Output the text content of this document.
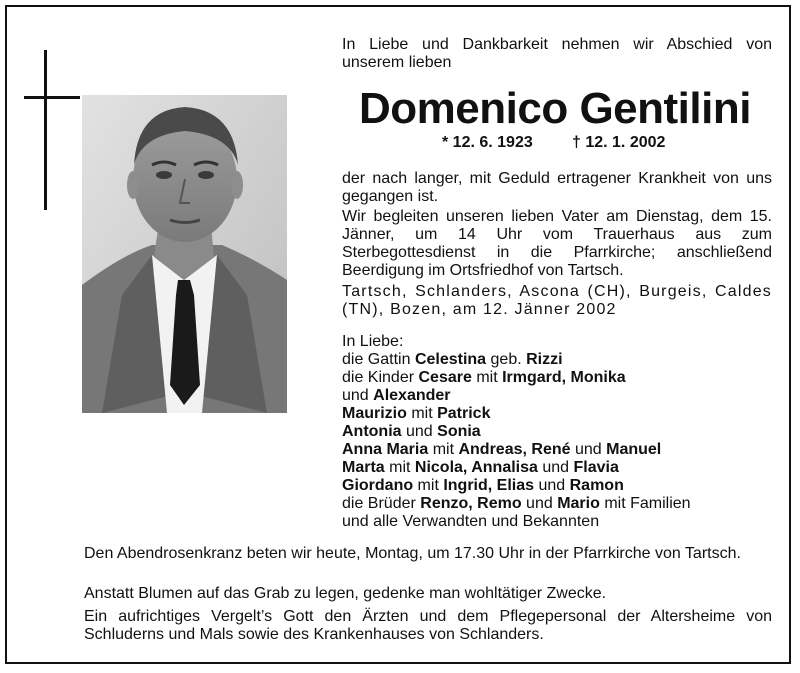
In Liebe und Dankbarkeit nehmen wir Abschied von unserem lieben
Domenico Gentilini
* 12. 6. 1923 † 12. 1. 2002
der nach langer, mit Geduld ertragener Krankheit von uns gegangen ist.
Wir begleiten unseren lieben Vater am Dienstag, dem 15. Jänner, um 14 Uhr vom Trauerhaus aus zum Sterbegottesdienst in die Pfarrkirche; anschließend Beerdigung im Ortsfriedhof von Tartsch.
Tartsch, Schlanders, Ascona (CH), Burgeis, Caldes (TN), Bozen, am 12. Jänner 2002
In Liebe:
die Gattin Celestina geb. Rizzi
die Kinder Cesare mit Irmgard, Monika
und Alexander
Maurizio mit Patrick
Antonia und Sonia
Anna Maria mit Andreas, René und Manuel
Marta mit Nicola, Annalisa und Flavia
Giordano mit Ingrid, Elias und Ramon
die Brüder Renzo, Remo und Mario mit Familien
und alle Verwandten und Bekannten
Den Abendrosenkranz beten wir heute, Montag, um 17.30 Uhr in der Pfarrkirche von Tartsch.
Anstatt Blumen auf das Grab zu legen, gedenke man wohltätiger Zwecke.
Ein aufrichtiges Vergelt’s Gott den Ärzten und dem Pflegepersonal der Altersheime von Schluderns und Mals sowie des Krankenhauses von Schlanders.
